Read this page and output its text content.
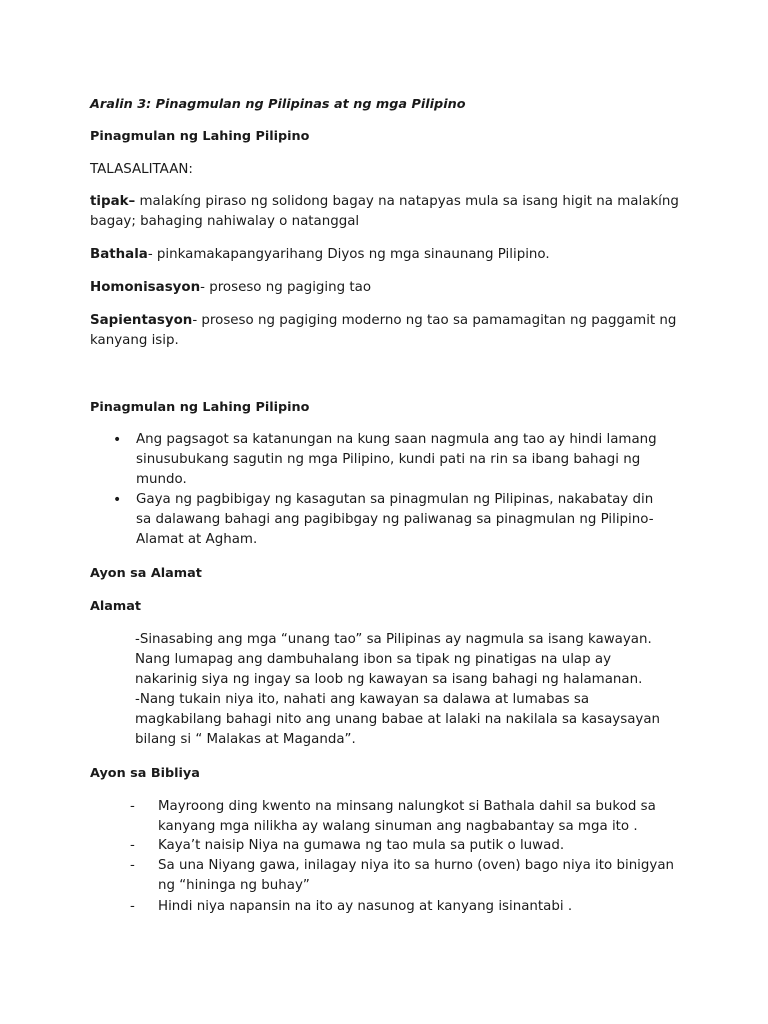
Aralin 3: Pinagmulan ng Pilipinas at ng mga Pilipino
Pinagmulan ng Lahing Pilipino
TALASALITAAN:
tipak– malakíng piraso ng solidong bagay na natapyas mula sa isang higit na malakíng
bagay; bahaging nahiwalay o natanggal
Bathala- pinkamakapangyarihang Diyos ng mga sinaunang Pilipino.
Homonisasyon- proseso ng pagiging tao
Sapientasyon- proseso ng pagiging moderno ng tao sa pamamagitan ng paggamit ng
kanyang isip.
Pinagmulan ng Lahing Pilipino
• Ang pagsagot sa katanungan na kung saan nagmula ang tao ay hindi lamang
sinusubukang sagutin ng mga Pilipino, kundi pati na rin sa ibang bahagi ng
mundo.
• Gaya ng pagbibigay ng kasagutan sa pinagmulan ng Pilipinas, nakabatay din
sa dalawang bahagi ang pagibibgay ng paliwanag sa pinagmulan ng Pilipino-
Alamat at Agham.
Ayon sa Alamat
Alamat
-Sinasabing ang mga “unang tao” sa Pilipinas ay nagmula sa isang kawayan.
Nang lumapag ang dambuhalang ibon sa tipak ng pinatigas na ulap ay
nakarinig siya ng ingay sa loob ng kawayan sa isang bahagi ng halamanan.
-Nang tukain niya ito, nahati ang kawayan sa dalawa at lumabas sa
magkabilang bahagi nito ang unang babae at lalaki na nakilala sa kasaysayan
bilang si “ Malakas at Maganda”.
Ayon sa Bibliya
- Mayroong ding kwento na minsang nalungkot si Bathala dahil sa bukod sa
kanyang mga nilikha ay walang sinuman ang nagbabantay sa mga ito .
- Kaya’t naisip Niya na gumawa ng tao mula sa putik o luwad.
- Sa una Niyang gawa, inilagay niya ito sa hurno (oven) bago niya ito binigyan
ng “hininga ng buhay”
- Hindi niya napansin na ito ay nasunog at kanyang isinantabi .
